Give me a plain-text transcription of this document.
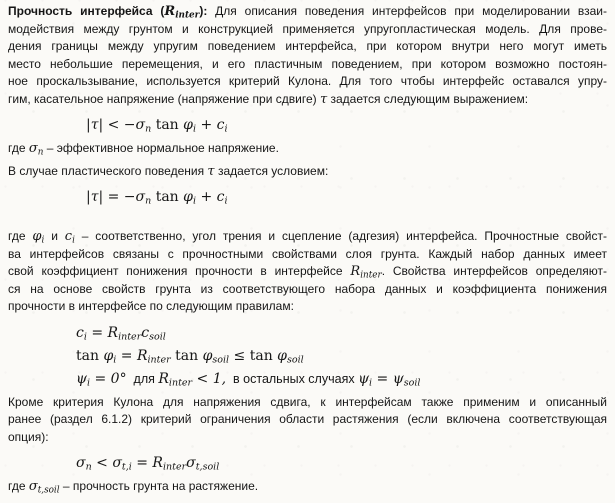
Прочность интерфейса $(R_{inter})$: Для описания поведения интерфейсов при моделировании взаи-
модействия между грунтом и конструкцией применяется упругопластическая модель. Для прове-
дения границы между упругим поведением интерфейса, при котором внутри него могут иметь
место небольшие перемещения, и его пластичным поведением, при котором возможно постоян-
ное проскальзывание, используется критерий Кулона. Для того чтобы интерфейс оставался упру-
гим, касательное напряжение (напряжение при сдвиге) τ задается следующим выражением:
$|\tau| < -\sigma_n$ $\tan \varphi_i + c_i$
где $\sigma_n$ – эффективное нормальное напряжение.
В случае пластического поведения τ задается условием:
$|\tau| = -\sigma_n$ $\tan \varphi_i + c_i$
где $\varphi_i$ и $c_i$ – соответственно, угол трения и сцепление (адгезия) интерфейса. Прочностные свойст-
ва интерфейсов связаны с прочностными свойствами слоя грунта. Каждый набор данных имеет
свой коэффициент понижения прочности в интерфейсе $R_{inter}$. Свойства интерфейсов определяют-
ся на основе свойств грунта из соответствующего набора данных и коэффициента понижения
прочности в интерфейсе по следующим правилам:
$c_i = R_{inter}c_{soil}$
$\tan \varphi_i = R_{inter}$ $\tan \varphi_{soil} \le \tan \varphi_{soil}$
$\psi_i = 0^\circ$  для $R_{inter} < 1$,  в остальных случаях $\psi_i = \psi_{soil}$
Кроме критерия Кулона для напряжения сдвига, к интерфейсам также применим и описанный
ранее (раздел 6.1.2) критерий ограничения области растяжения (если включена соответствующая
опция):
$\sigma_n < \sigma_{t,i} = R_{inter}\sigma_{t,soil}$
где $\sigma_{t,soil}$ – прочность грунта на растяжение.
